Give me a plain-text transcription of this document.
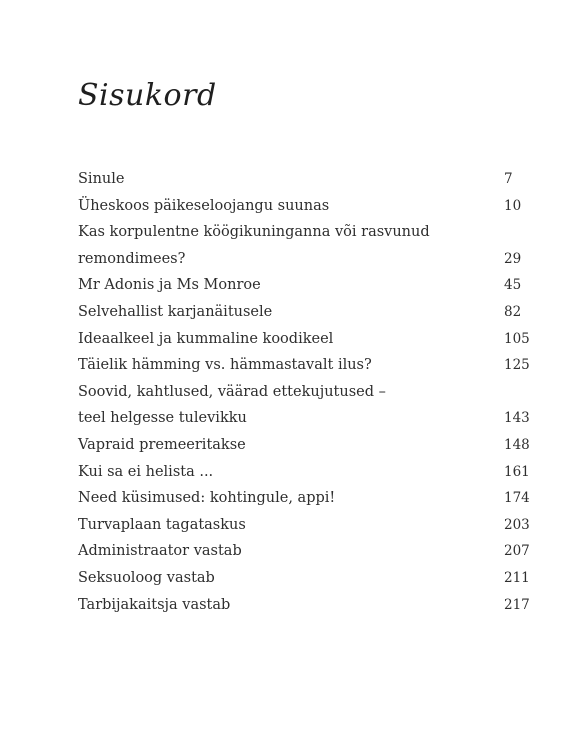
Sisukord
Sinule	7
Üheskoos päikeseloojangu suunas	10
Kas korpulentne köögikuninganna või rasvunud
remondimees?	29
Mr Adonis ja Ms Monroe	45
Selvehallist karjanäitusele	82
Ideaalkeel ja kummaline koodikeel	105
Täielik hämming vs. hämmastavalt ilus?	125
Soovid, kahtlused, väärad ettekujutused –
teel helgesse tulevikku	143
Vapraid premeeritakse	148
Kui sa ei helista ...	161
Need küsimused: kohtingule, appi!	174
Turvaplaan tagataskus	203
Administraator vastab	207
Seksuoloog vastab	211
Tarbijakaitsja vastab	217
